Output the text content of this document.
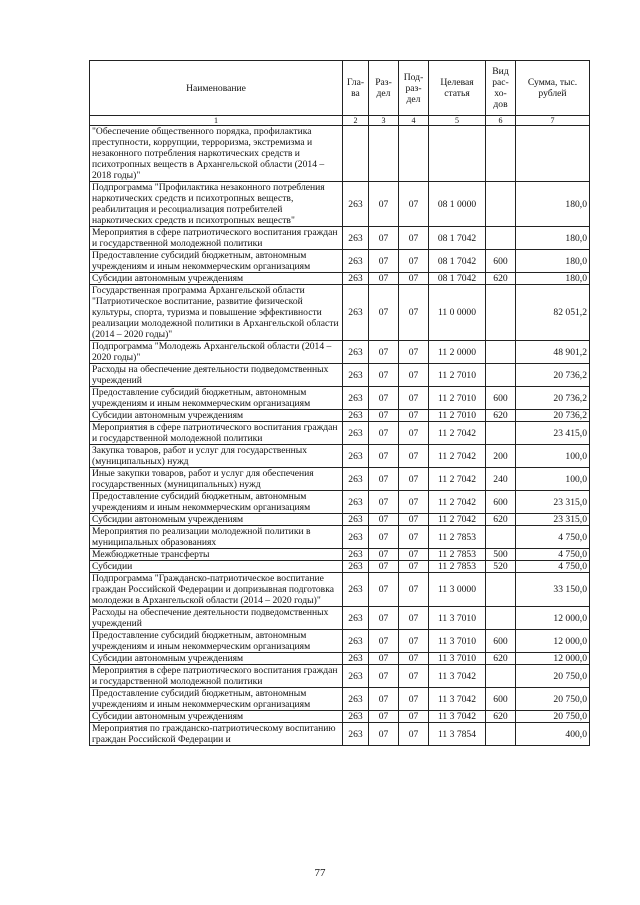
Наименование	Гла-ва	Раз-дел	Под-раз-дел	Целевая статья	Вид рас-хо-дов	Сумма, тыс. рублей
1	2	3	4	5	6	7
"Обеспечение общественного порядка, профилактика преступности, коррупции, терроризма, экстремизма и незаконного потребления наркотических средств и психотропных веществ в Архангельской области (2014 – 2018 годы)"						
Подпрограмма "Профилактика незаконного потребления наркотических средств и психотропных веществ, реабилитация и ресоциализация потребителей наркотических средств и психотропных веществ"	263	07	07	08 1 0000		180,0
Мероприятия в сфере патриотического воспитания граждан и государственной молодежной политики	263	07	07	08 1 7042		180,0
Предоставление субсидий бюджетным, автономным учреждениям и иным некоммерческим организациям	263	07	07	08 1 7042	600	180,0
Субсидии автономным учреждениям	263	07	07	08 1 7042	620	180,0
Государственная программа Архангельской области "Патриотическое воспитание, развитие физической культуры, спорта, туризма и повышение эффективности реализации молодежной политики в Архангельской области (2014 – 2020 годы)"	263	07	07	11 0 0000		82 051,2
Подпрограмма "Молодежь Архангельской области (2014 – 2020 годы)"	263	07	07	11 2 0000		48 901,2
Расходы на обеспечение деятельности подведомственных учреждений	263	07	07	11 2 7010		20 736,2
Предоставление субсидий бюджетным, автономным учреждениям и иным некоммерческим организациям	263	07	07	11 2 7010	600	20 736,2
Субсидии автономным учреждениям	263	07	07	11 2 7010	620	20 736,2
Мероприятия в сфере патриотического воспитания граждан и государственной молодежной политики	263	07	07	11 2 7042		23 415,0
Закупка товаров, работ и услуг для государственных (муниципальных) нужд	263	07	07	11 2 7042	200	100,0
Иные закупки товаров, работ и услуг для обеспечения государственных (муниципальных) нужд	263	07	07	11 2 7042	240	100,0
Предоставление субсидий бюджетным, автономным учреждениям и иным некоммерческим организациям	263	07	07	11 2 7042	600	23 315,0
Субсидии автономным учреждениям	263	07	07	11 2 7042	620	23 315,0
Мероприятия по реализации молодежной политики в муниципальных образованиях	263	07	07	11 2 7853		4 750,0
Межбюджетные трансферты	263	07	07	11 2 7853	500	4 750,0
Субсидии	263	07	07	11 2 7853	520	4 750,0
Подпрограмма "Гражданско-патриотическое воспитание граждан Российской Федерации и допризывная подготовка молодежи в Архангельской области (2014 – 2020 годы)"	263	07	07	11 3 0000		33 150,0
Расходы на обеспечение деятельности подведомственных учреждений	263	07	07	11 3 7010		12 000,0
Предоставление субсидий бюджетным, автономным учреждениям и иным некоммерческим организациям	263	07	07	11 3 7010	600	12 000,0
Субсидии автономным учреждениям	263	07	07	11 3 7010	620	12 000,0
Мероприятия в сфере патриотического воспитания граждан и государственной молодежной политики	263	07	07	11 3 7042		20 750,0
Предоставление субсидий бюджетным, автономным учреждениям и иным некоммерческим организациям	263	07	07	11 3 7042	600	20 750,0
Субсидии автономным учреждениям	263	07	07	11 3 7042	620	20 750,0
Мероприятия по гражданско-патриотическому воспитанию граждан Российской Федерации и	263	07	07	11 3 7854		400,0
77
